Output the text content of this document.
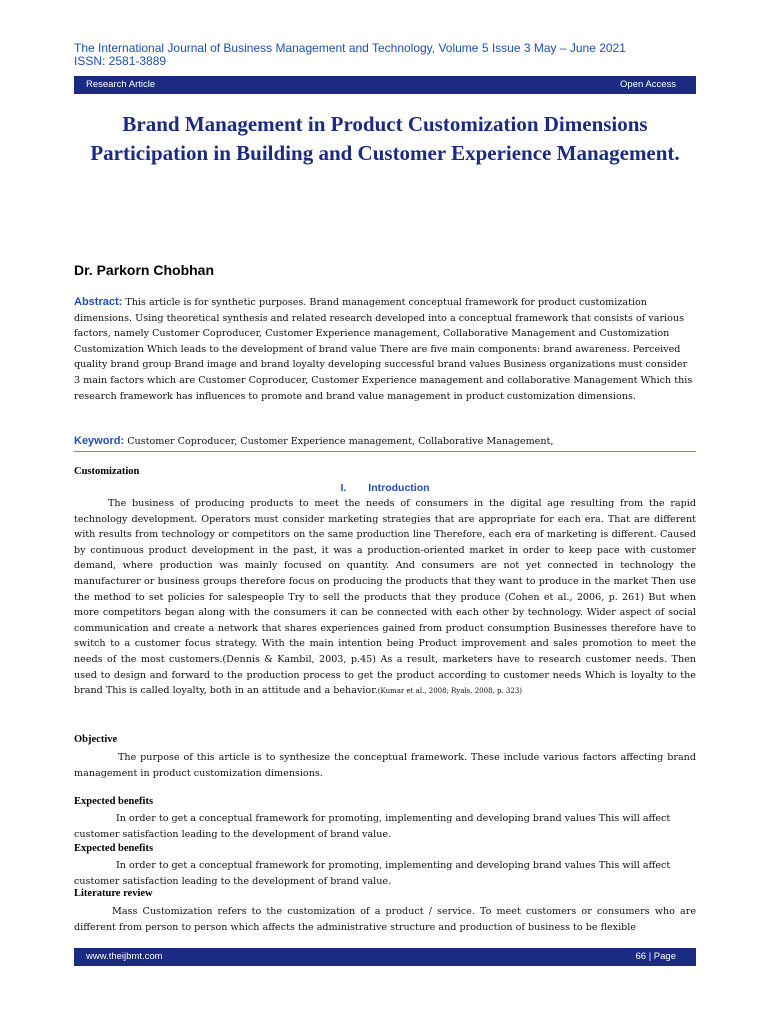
The International Journal of Business Management and Technology, Volume 5 Issue 3 May – June 2021
ISSN: 2581-3889
Research Article	Open Access
Brand Management in Product Customization Dimensions Participation in Building and Customer Experience Management.
Dr. Parkorn Chobhan
Abstract: This article is for synthetic purposes. Brand management conceptual framework for product customization dimensions. Using theoretical synthesis and related research developed into a conceptual framework that consists of various factors, namely Customer Coproducer, Customer Experience management, Collaborative Management and Customization Customization Which leads to the development of brand value There are five main components: brand awareness. Perceived quality brand group Brand image and brand loyalty developing successful brand values Business organizations must consider 3 main factors which are Customer Coproducer, Customer Experience management and collaborative Management Which this research framework has influences to promote and brand value management in product customization dimensions.
Keyword: Customer Coproducer, Customer Experience management, Collaborative Management,
Customization
I. Introduction
The business of producing products to meet the needs of consumers in the digital age resulting from the rapid technology development. Operators must consider marketing strategies that are appropriate for each era. That are different with results from technology or competitors on the same production line Therefore, each era of marketing is different. Caused by continuous product development in the past, it was a production-oriented market in order to keep pace with customer demand, where production was mainly focused on quantity. And consumers are not yet connected in technology the manufacturer or business groups therefore focus on producing the products that they want to produce in the market Then use the method to set policies for salespeople Try to sell the products that they produce (Cohen et al., 2006, p. 261) But when more competitors began along with the consumers it can be connected with each other by technology. Wider aspect of social communication and create a network that shares experiences gained from product consumption Businesses therefore have to switch to a customer focus strategy. With the main intention being Product improvement and sales promotion to meet the needs of the most customers.(Dennis & Kambil, 2003, p.45) As a result, marketers have to research customer needs. Then used to design and forward to the production process to get the product according to customer needs Which is loyalty to the brand This is called loyalty, both in an attitude and a behavior.(Kumar et al., 2008; Ryals, 2008, p. 323)
Objective
The purpose of this article is to synthesize the conceptual framework. These include various factors affecting brand management in product customization dimensions.
Expected benefits
In order to get a conceptual framework for promoting, implementing and developing brand values This will affect customer satisfaction leading to the development of brand value.
Expected benefits
In order to get a conceptual framework for promoting, implementing and developing brand values This will affect customer satisfaction leading to the development of brand value.
Literature review
Mass Customization refers to the customization of a product / service. To meet customers or consumers who are different from person to person which affects the administrative structure and production of business to be flexible
www.theijbmt.com	66 | Page
